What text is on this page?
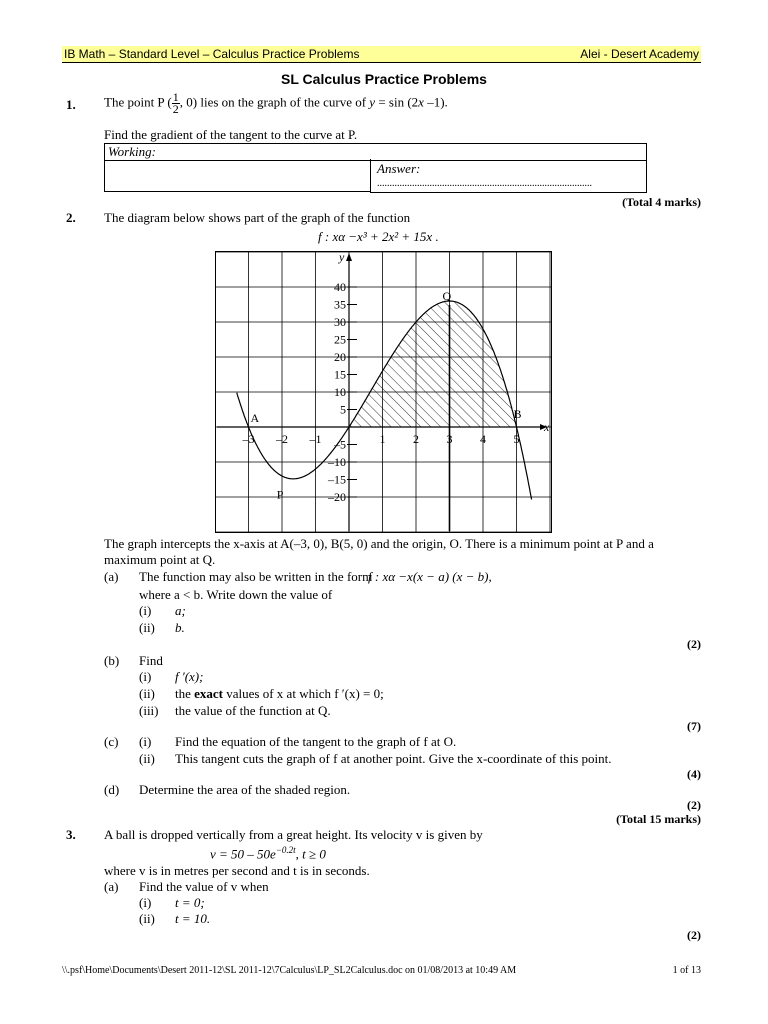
IB Math – Standard Level – Calculus Practice Problems	Alei - Desert Academy
SL Calculus Practice Problems
1. The point P ( $\frac{1}{2}$ , 0) lies on the graph of the curve of y = sin (2x –1).
Find the gradient of the tangent to the curve at P.
Working:
Answer:
......................................................................................
(Total 4 marks)
2. The diagram below shows part of the graph of the function
f : xα −x³ + 2x² + 15x .
40
35
30
25
20
15
10
5
–5
–10
–15
–20
–3 –2 –1	1 2 3 4 5
y
x
A	B
P
Q
The graph intercepts the x-axis at A(–3, 0), B(5, 0) and the origin, O. There is a minimum point at P and a
maximum point at Q.
(a) The function may also be written in the form
f : xα −x(x − a) (x − b),
where a < b. Write down the value of
(i) a;
(ii) b.
(2)
(b) Find
(i) f ′(x);
(ii) the exact values of x at which f ′(x) = 0;
(iii) the value of the function at Q.
(7)
(c) (i) Find the equation of the tangent to the graph of f at O.
(ii) This tangent cuts the graph of f at another point. Give the x-coordinate of this point.
(4)
(d) Determine the area of the shaded region.
(2)
(Total 15 marks)
3. A ball is dropped vertically from a great height. Its velocity v is given by
$v = 50 - 50e^{-0.2t}$, t ≥ 0
where v is in metres per second and t is in seconds.
(a) Find the value of v when
(i) t = 0;
(ii) t = 10.
(2)
\\.psf\Home\Documents\Desert 2011-12\SL 2011-12\7Calculus\LP_SL2Calculus.doc on 01/08/2013 at 10:49 AM	1 of 13
